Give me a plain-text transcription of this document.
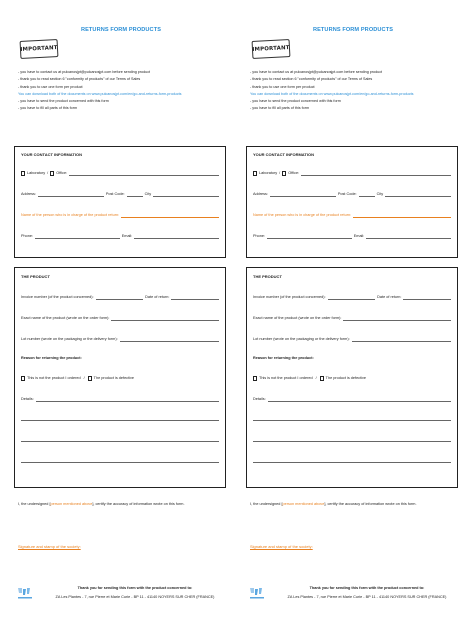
RETURNS FORM PRODUCTS
IMPORTANT
- you have to contact us at pulcanosjpt@pulcanosjpt.com before sending product
- thank you to read section 6 "conformity of products" of our Terms of Sales
- thank you to use one form per product
You can download both of the documents on www.pulcanosjpt.com/en/go-and-returns-form-products
- you have to send the product concerned with this form
- you have to fill all parts of this form
YOUR CONTACT INFORMATION
Laboratory / Office:
Address:	Post Code:	City
Name of the person who is in charge of the product return:
Phone:	Email:
THE PRODUCT
Invoice number (of the product concerned):	Date of return:
Exact name of the product (wrote on the order form):
Lot number (wrote on the packaging or the delivery form):
Reason for returning the product:
This is not the product I ordered / The product is defective
Details:
I, the undersigned [person mentioned above], certify the accuracy of information wrote on this form.
Signature and stamp of the society:
Thank you for sending this form with the product concerned to:
ZA Les Plantes - 7, rue Pierre et Marie Curie - BP 11 - 41140 NOYERS SUR CHER (FRANCE)
RETURNS FORM PRODUCTS
IMPORTANT
- you have to contact us at pulcanosjpt@pulcanosjpt.com before sending product
- thank you to read section 6 "conformity of products" of our Terms of Sales
- thank you to use one form per product
You can download both of the documents on www.pulcanosjpt.com/en/go-and-returns-form-products
- you have to send the product concerned with this form
- you have to fill all parts of this form
YOUR CONTACT INFORMATION
Laboratory / Office:
Address:	Post Code:	City
Name of the person who is in charge of the product return:
Phone:	Email:
THE PRODUCT
Invoice number (of the product concerned):	Date of return:
Exact name of the product (wrote on the order form):
Lot number (wrote on the packaging or the delivery form):
Reason for returning the product:
This is not the product I ordered / The product is defective
Details:
I, the undersigned [person mentioned above], certify the accuracy of information wrote on this form.
Signature and stamp of the society:
Thank you for sending this form with the product concerned to:
ZA Les Plantes - 7, rue Pierre et Marie Curie - BP 11 - 41140 NOYERS SUR CHER (FRANCE)
